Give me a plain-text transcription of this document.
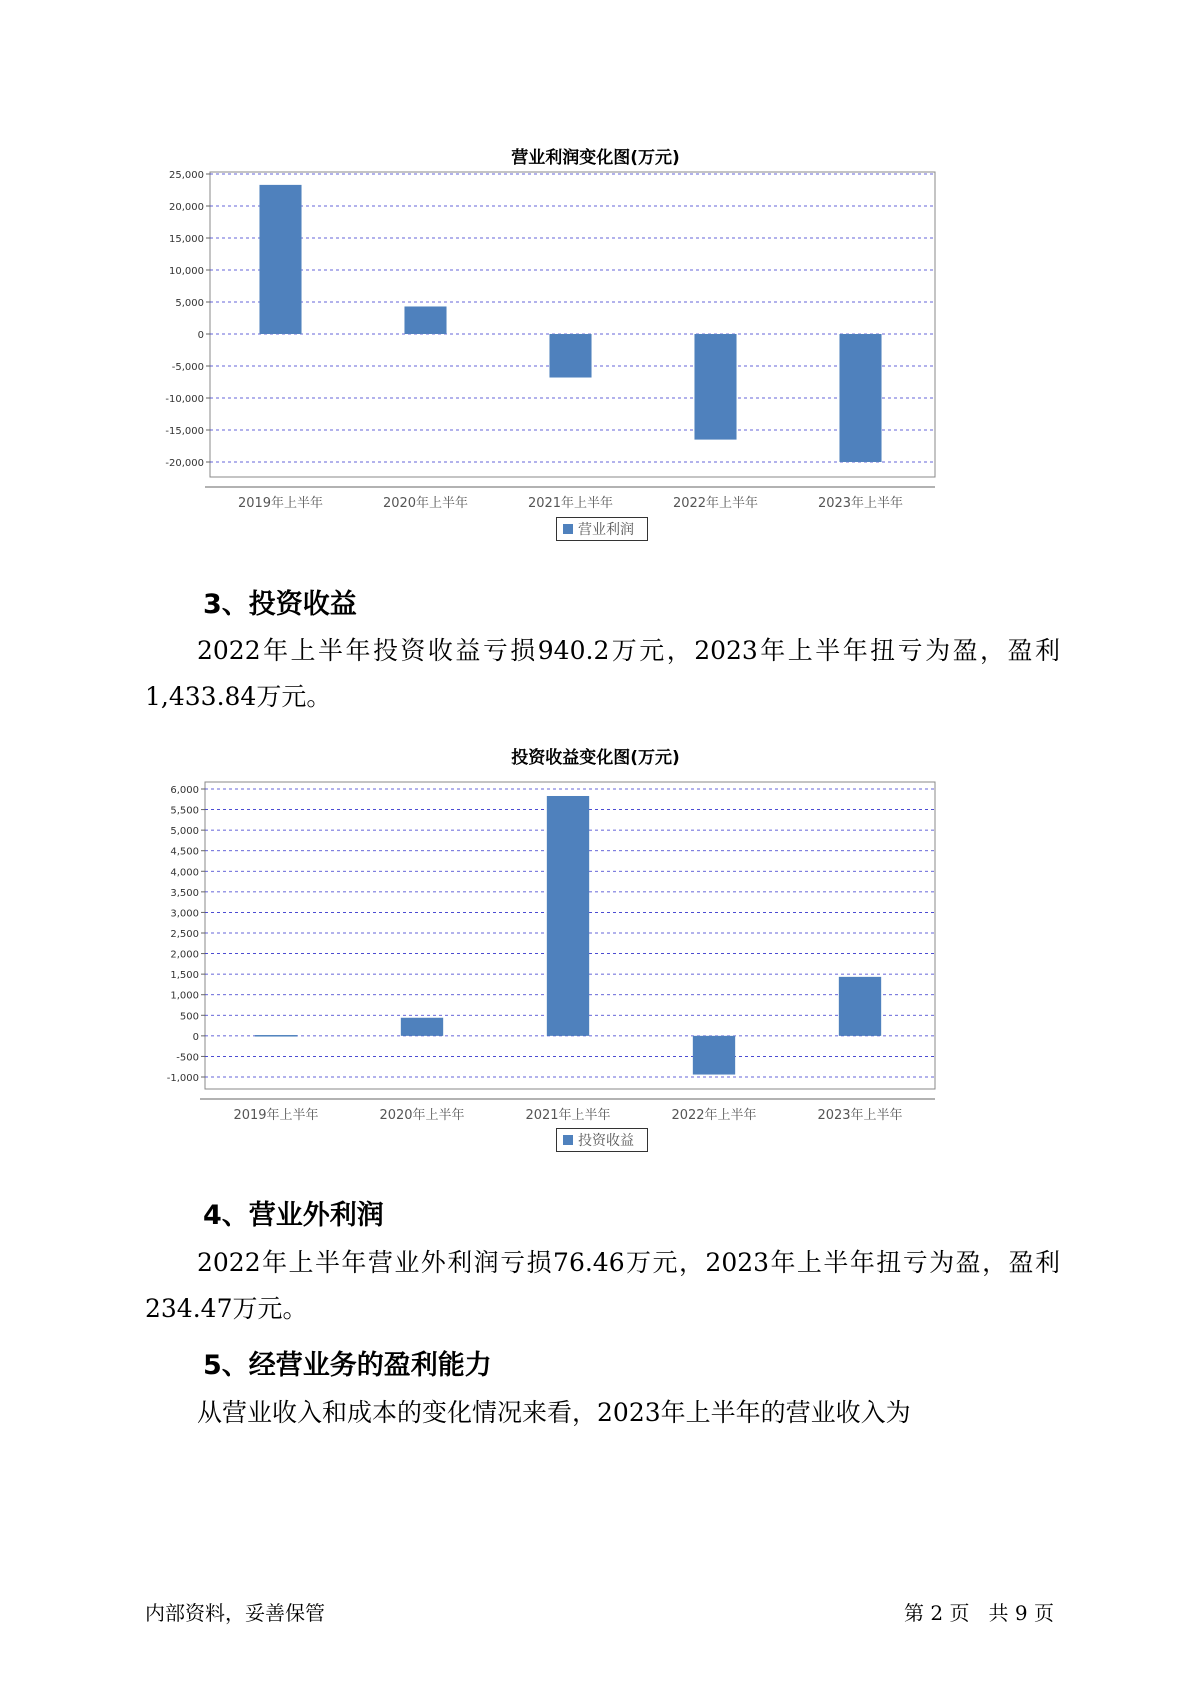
营业利润变化图(万元)
25,000
20,000
15,000
10,000
5,000
0
-5,000
-10,000
-15,000
-20,000
2019年上半年	2020年上半年	2021年上半年	2022年上半年	2023年上半年
营业利润
3、投资收益
2022年上半年投资收益亏损940.2万元，2023年上半年扭亏为盈，盈利1,433.84万元。
投资收益变化图(万元)
6,000
5,500
5,000
4,500
4,000
3,500
3,000
2,500
2,000
1,500
1,000
500
0
-500
-1,000
2019年上半年	2020年上半年	2021年上半年	2022年上半年	2023年上半年
投资收益
4、营业外利润
2022年上半年营业外利润亏损76.46万元，2023年上半年扭亏为盈，盈利234.47万元。
5、经营业务的盈利能力
从营业收入和成本的变化情况来看，2023年上半年的营业收入为
内部资料，妥善保管	第 2 页   共 9 页
